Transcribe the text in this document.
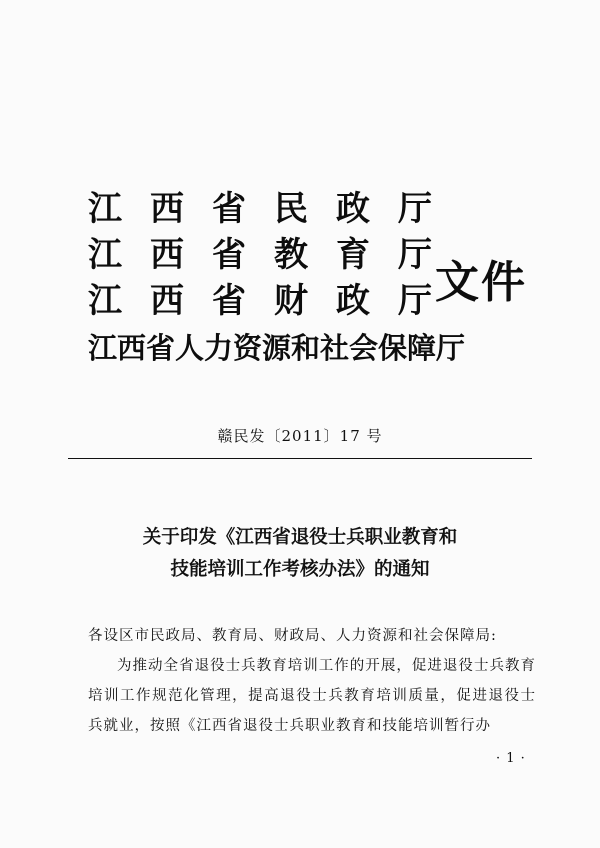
江 西 省 民 政 厅
江 西 省 教 育 厅
江 西 省 财 政 厅
江西省人力资源和社会保障厅
文件
赣民发〔2011〕17 号
关于印发《江西省退役士兵职业教育和
技能培训工作考核办法》的通知

各设区市民政局、教育局、财政局、人力资源和社会保障局:

为推动全省退役士兵教育培训工作的开展，促进退役士兵教育培训工作规范化管理，提高退役士兵教育培训质量，促进退役士兵就业，按照《江西省退役士兵职业教育和技能培训暂行办

· 1 ·
